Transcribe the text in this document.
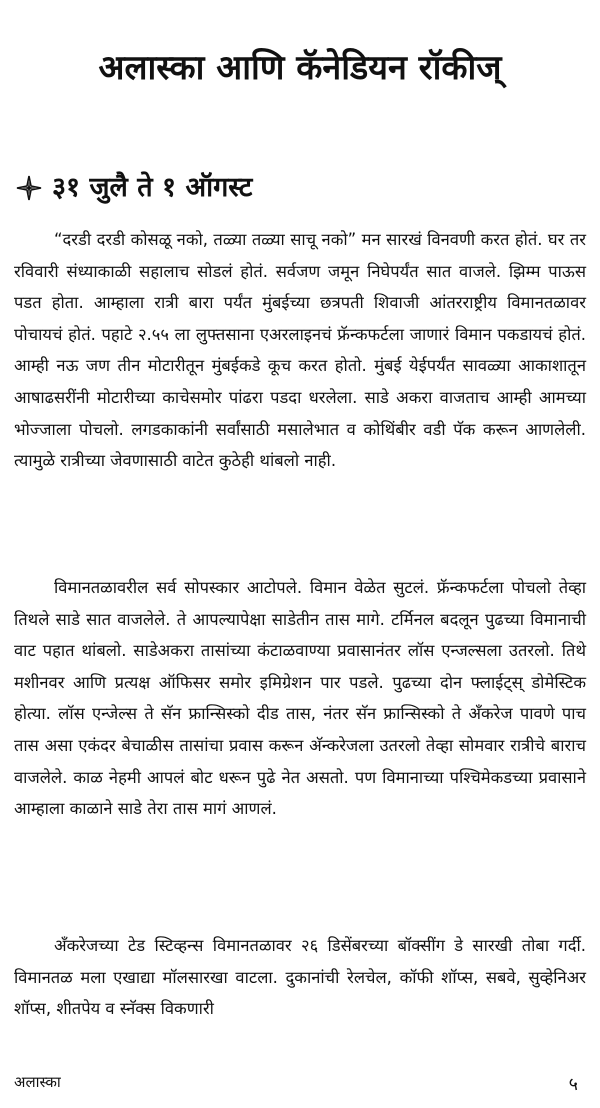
अलास्का आणि कॅनेडियन रॉकीज्
३१ जुलै ते १ ऑगस्ट

“दरडी दरडी कोसळू नको, तळ्या तळ्या साचू नको” मन सारखं विनवणी करत होतं. घर तर रविवारी संध्याकाळी सहालाच सोडलं होतं. सर्वजण जमून निघेपर्यंत सात वाजले. झिम्म पाऊस पडत होता. आम्हाला रात्री बारा पर्यंत मुंबईच्या छत्रपती शिवाजी आंतरराष्ट्रीय विमानतळावर पोचायचं होतं. पहाटे २.५५ ला लुफ्तसाना एअरलाइनचं फ्रॅन्कफर्टला जाणारं विमान पकडायचं होतं. आम्ही नऊ जण तीन मोटारीतून मुंबईकडे कूच करत होतो. मुंबई येईपर्यंत सावळ्या आकाशातून आषाढसरींनी मोटारीच्या काचेसमोर पांढरा पडदा धरलेला. साडे अकरा वाजताच आम्ही आमच्या भोज्जाला पोचलो. लगडकाकांनी सर्वांसाठी मसालेभात व कोथिंबीर वडी पॅक करून आणलेली. त्यामुळे रात्रीच्या जेवणासाठी वाटेत कुठेही थांबलो नाही.

विमानतळावरील सर्व सोपस्कार आटोपले. विमान वेळेत सुटलं. फ्रॅन्कफर्टला पोचलो तेव्हा तिथले साडे सात वाजलेले. ते आपल्यापेक्षा साडेतीन तास मागे. टर्मिनल बदलून पुढच्या विमानाची वाट पहात थांबलो. साडेअकरा तासांच्या कंटाळवाण्या प्रवासानंतर लॉस एन्जल्सला उतरलो. तिथे मशीनवर आणि प्रत्यक्ष ऑफिसर समोर इमिग्रेशन पार पडले. पुढच्या दोन फ्लाईट्स् डोमेस्टिक होत्या. लॉस एन्जेल्स ते सॅन फ्रान्सिस्को दीड तास, नंतर सॅन फ्रान्सिस्को ते अँकरेज पावणे पाच तास असा एकंदर बेचाळीस तासांचा प्रवास करून अ‍ॅन्करेजला उतरलो तेव्हा सोमवार रात्रीचे बाराच वाजलेले. काळ नेहमी आपलं बोट धरून पुढे नेत असतो. पण विमानाच्या पश्चिमेकडच्या प्रवासाने आम्हाला काळाने साडे तेरा तास मागं आणलं.

अँकरेजच्या टेड स्टिव्हन्स विमानतळावर २६ डिसेंबरच्या बॉक्सींग डे सारखी तोबा गर्दी. विमानतळ मला एखाद्या मॉलसारखा वाटला. दुकानांची रेलचेल, कॉफी शॉप्स, सबवे, सुव्हेनिअर शॉप्स, शीतपेय व स्नॅक्स विकणारी

अलास्का	५
